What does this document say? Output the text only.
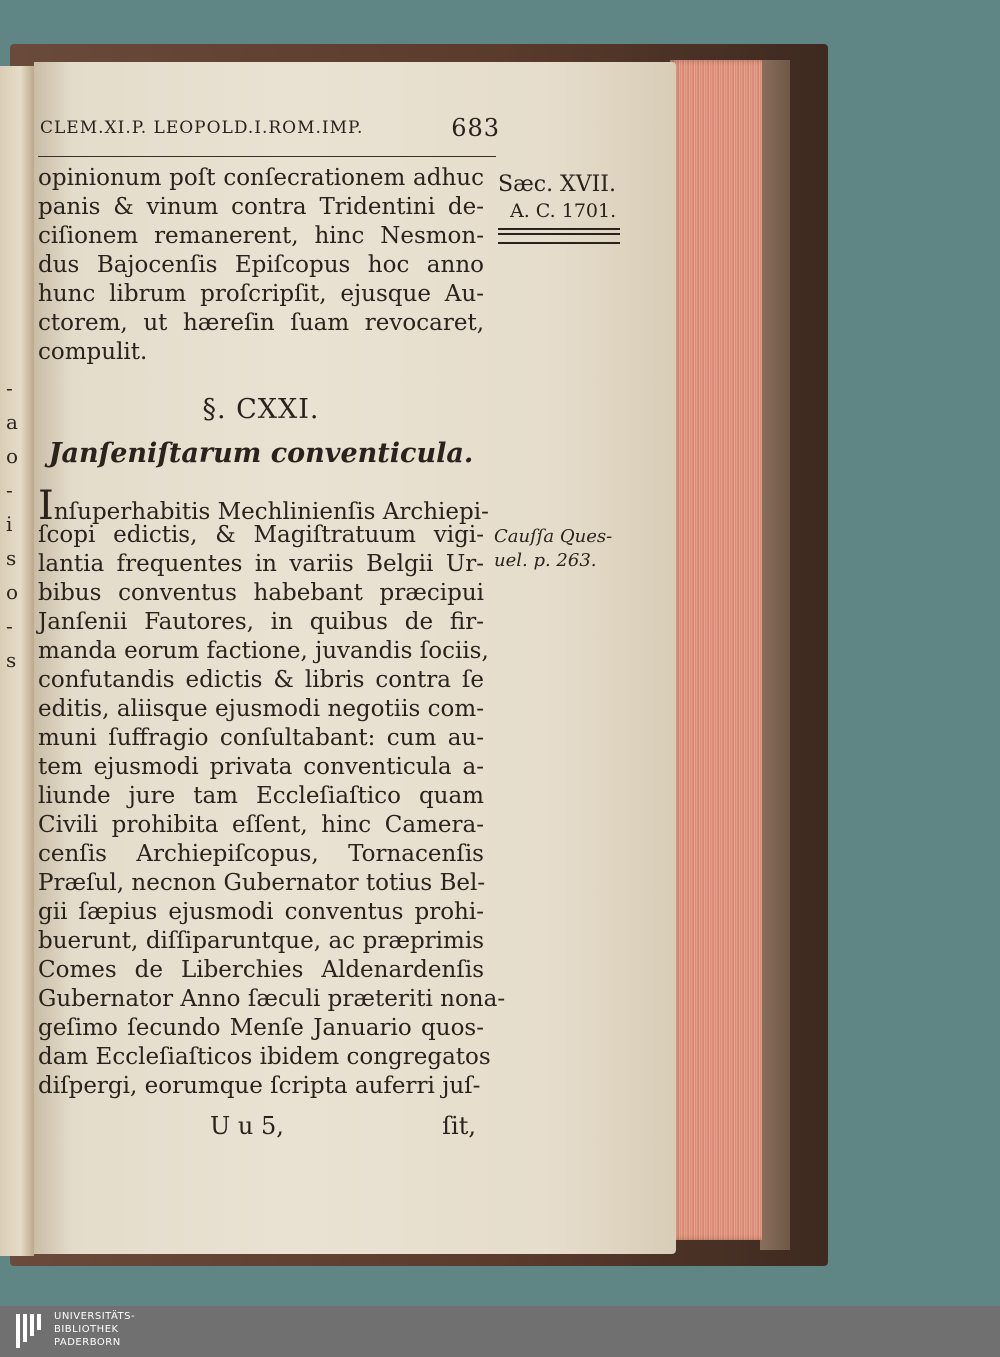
-
a
o
-
i
s
o
-
s
CLEM.XI.P. LEOPOLD.I.ROM.IMP.	683
Sæc. XVII.
A. C. 1701.
opinionum poſt conſecrationem adhuc
panis & vinum contra Tridentini de-
ciſionem remanerent, hinc Nesmon-
dus Bajocenſis Epiſcopus hoc anno
hunc librum proſcripſit, ejusque Au-
ctorem, ut hæreſin ſuam revocaret,
compulit.
§. CXXI.
Janſeniſtarum conventicula.
Inſuperhabitis Mechlinienſis Archiepi-
ſcopi edictis, & Magiſtratuum vigi-
lantia frequentes in variis Belgii Ur-
bibus conventus habebant præcipui
Janſenii Fautores, in quibus de fir-
manda eorum factione, juvandis ſociis,
confutandis edictis & libris contra ſe
editis, aliisque ejusmodi negotiis com-
muni ſuffragio conſultabant: cum au-
tem ejusmodi privata conventicula a-
liunde jure tam Eccleſiaſtico quam
Civili prohibita eſſent, hinc Camera-
cenſis Archiepiſcopus, Tornacenſis
Præſul, necnon Gubernator totius Bel-
gii ſæpius ejusmodi conventus prohi-
buerunt, diſſiparuntque, ac præprimis
Comes de Liberchies Aldenardenſis
Gubernator Anno ſæculi præteriti nona-
geſimo ſecundo Menſe Januario quos-
dam Eccleſiaſticos ibidem congregatos
diſpergi, eorumque ſcripta auferri juſ-
Cauſſa Ques-
uel. p. 263.
U u 5,	ſit,
UNIVERSITÄTS-
BIBLIOTHEK
PADERBORN
